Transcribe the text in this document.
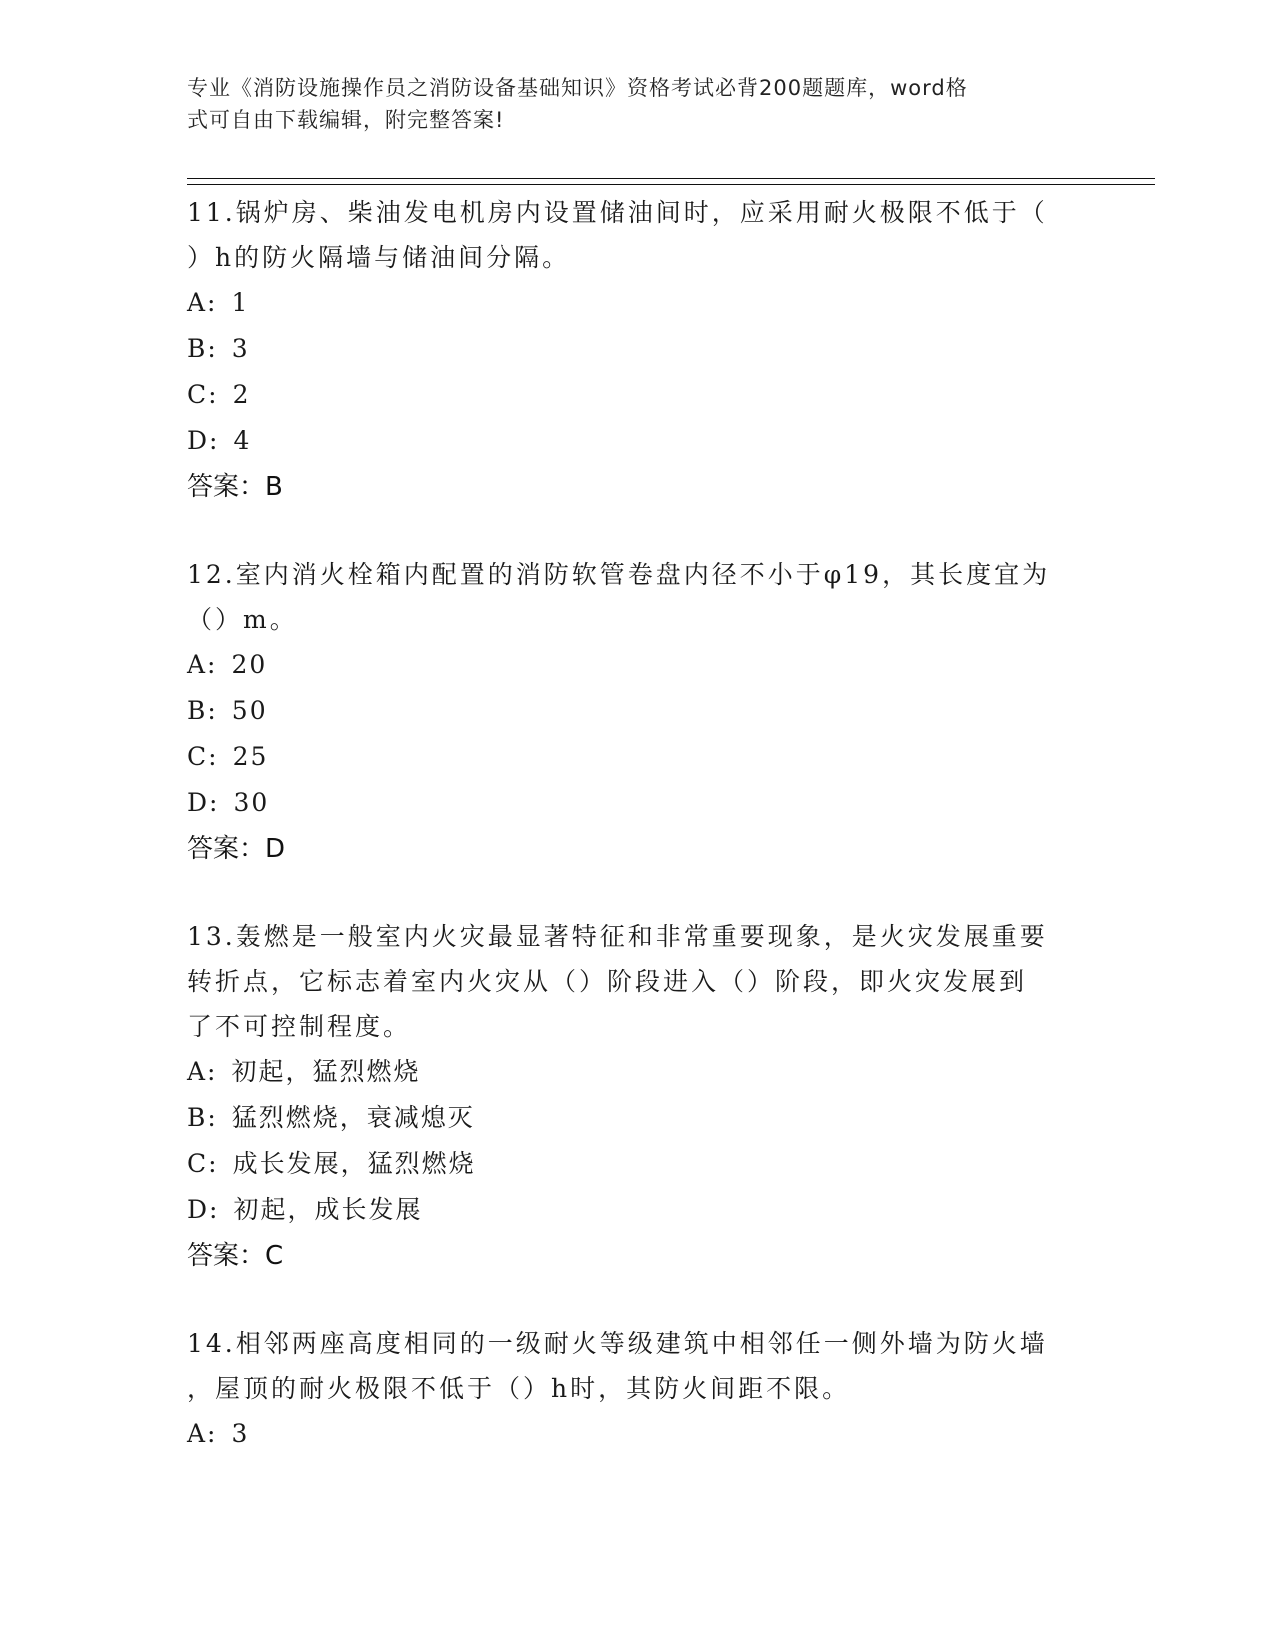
专业《消防设施操作员之消防设备基础知识》资格考试必背200题题库，word格
式可自由下载编辑，附完整答案!
11.锅炉房、柴油发电机房内设置储油间时，应采用耐火极限不低于（
）h的防火隔墙与储油间分隔。
A: 1
B: 3
C: 2
D: 4
答案：B
12.室内消火栓箱内配置的消防软管卷盘内径不小于φ19，其长度宜为
（）m。
A: 20
B: 50
C: 25
D: 30
答案：D
13.轰燃是一般室内火灾最显著特征和非常重要现象，是火灾发展重要
转折点，它标志着室内火灾从（）阶段进入（）阶段，即火灾发展到
了不可控制程度。
A: 初起，猛烈燃烧
B: 猛烈燃烧，衰减熄灭
C: 成长发展，猛烈燃烧
D: 初起，成长发展
答案：C
14.相邻两座高度相同的一级耐火等级建筑中相邻任一侧外墙为防火墙
，屋顶的耐火极限不低于（）h时，其防火间距不限。
A: 3
